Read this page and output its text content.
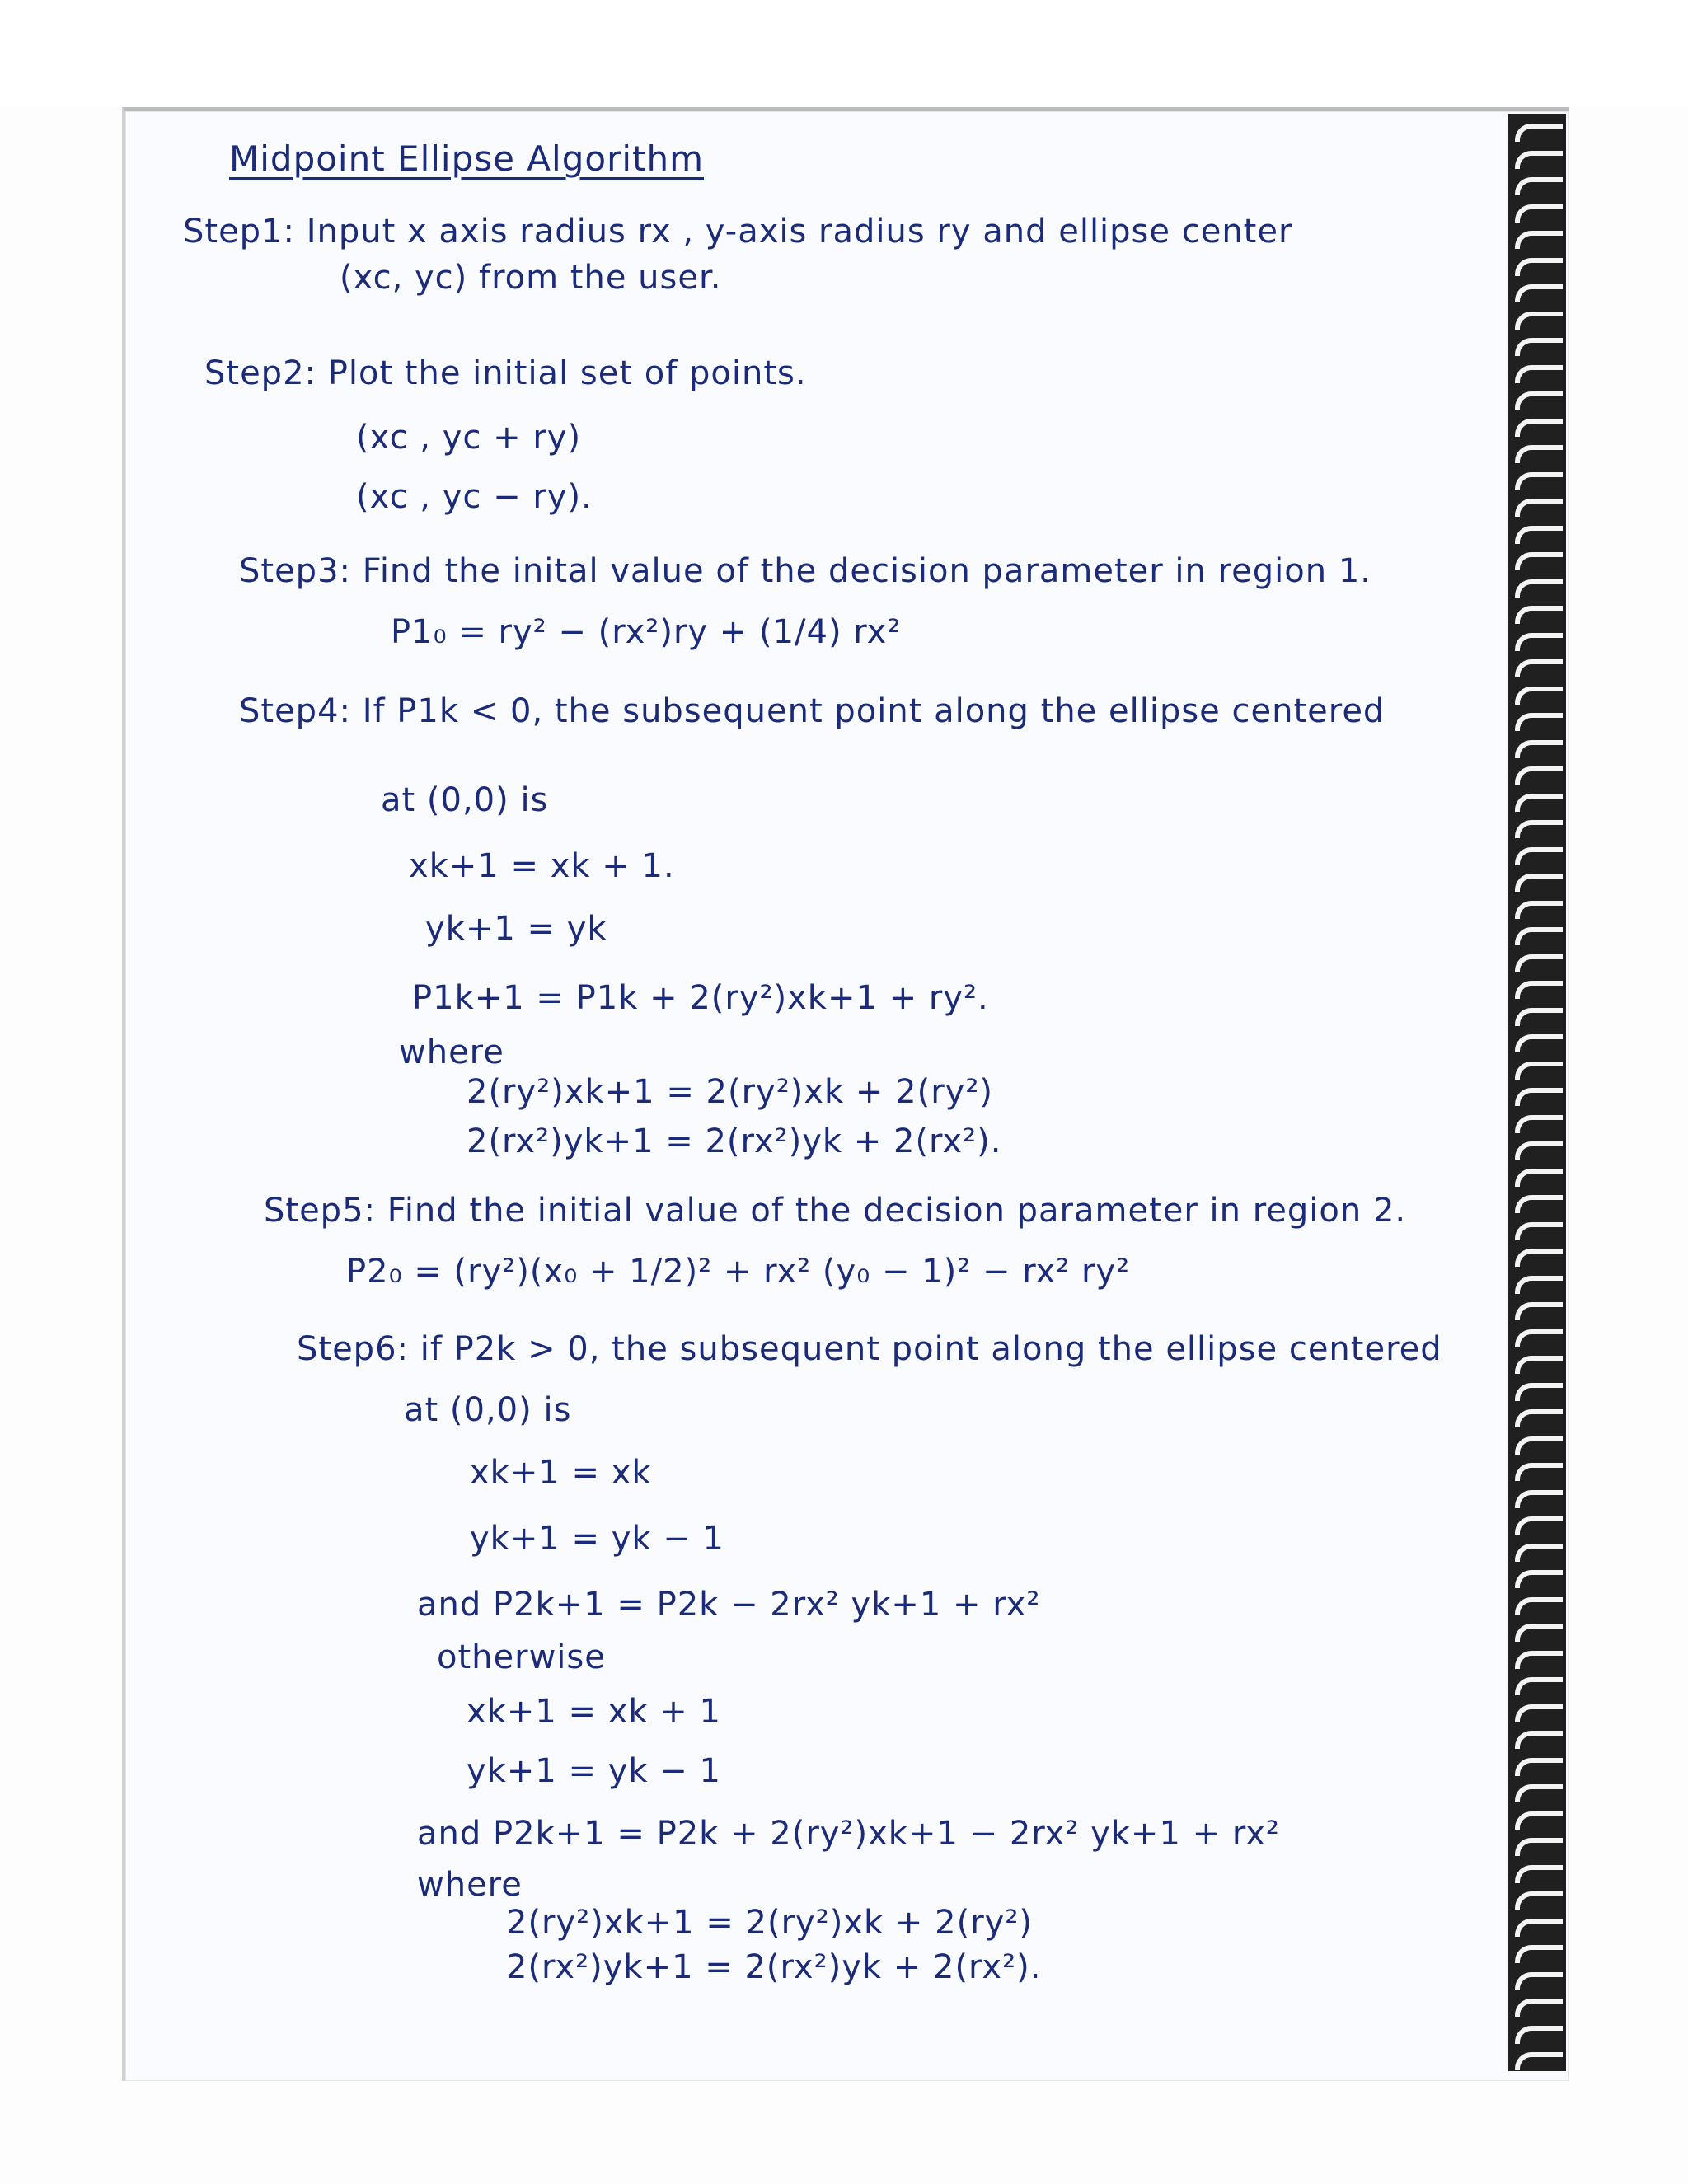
Midpoint Ellipse Algorithm
Step1: Input x axis radius rx , y-axis radius ry and ellipse center
(xc, yc) from the user.
Step2: Plot the initial set of points.
(xc , yc + ry)
(xc , yc − ry).
Step3: Find the inital value of the decision parameter in region 1.
P1₀ = ry² − (rx²)ry + (1/4) rx²
Step4: If P1k < 0, the subsequent point along the ellipse centered
at (0,0) is
xk+1 = xk + 1.
yk+1 = yk
P1k+1 = P1k + 2(ry²)xk+1 + ry².
where
2(ry²)xk+1 = 2(ry²)xk + 2(ry²)
2(rx²)yk+1 = 2(rx²)yk + 2(rx²).
Step5: Find the initial value of the decision parameter in region 2.
P2₀ = (ry²)(x₀ + 1/2)² + rx² (y₀ − 1)² − rx² ry²
Step6: if P2k > 0, the subsequent point along the ellipse centered
at (0,0) is
xk+1 = xk
yk+1 = yk − 1
and P2k+1 = P2k − 2rx² yk+1 + rx²
otherwise
xk+1 = xk + 1
yk+1 = yk − 1
and P2k+1 = P2k + 2(ry²)xk+1 − 2rx² yk+1 + rx²
where
2(ry²)xk+1 = 2(ry²)xk + 2(ry²)
2(rx²)yk+1 = 2(rx²)yk + 2(rx²).
